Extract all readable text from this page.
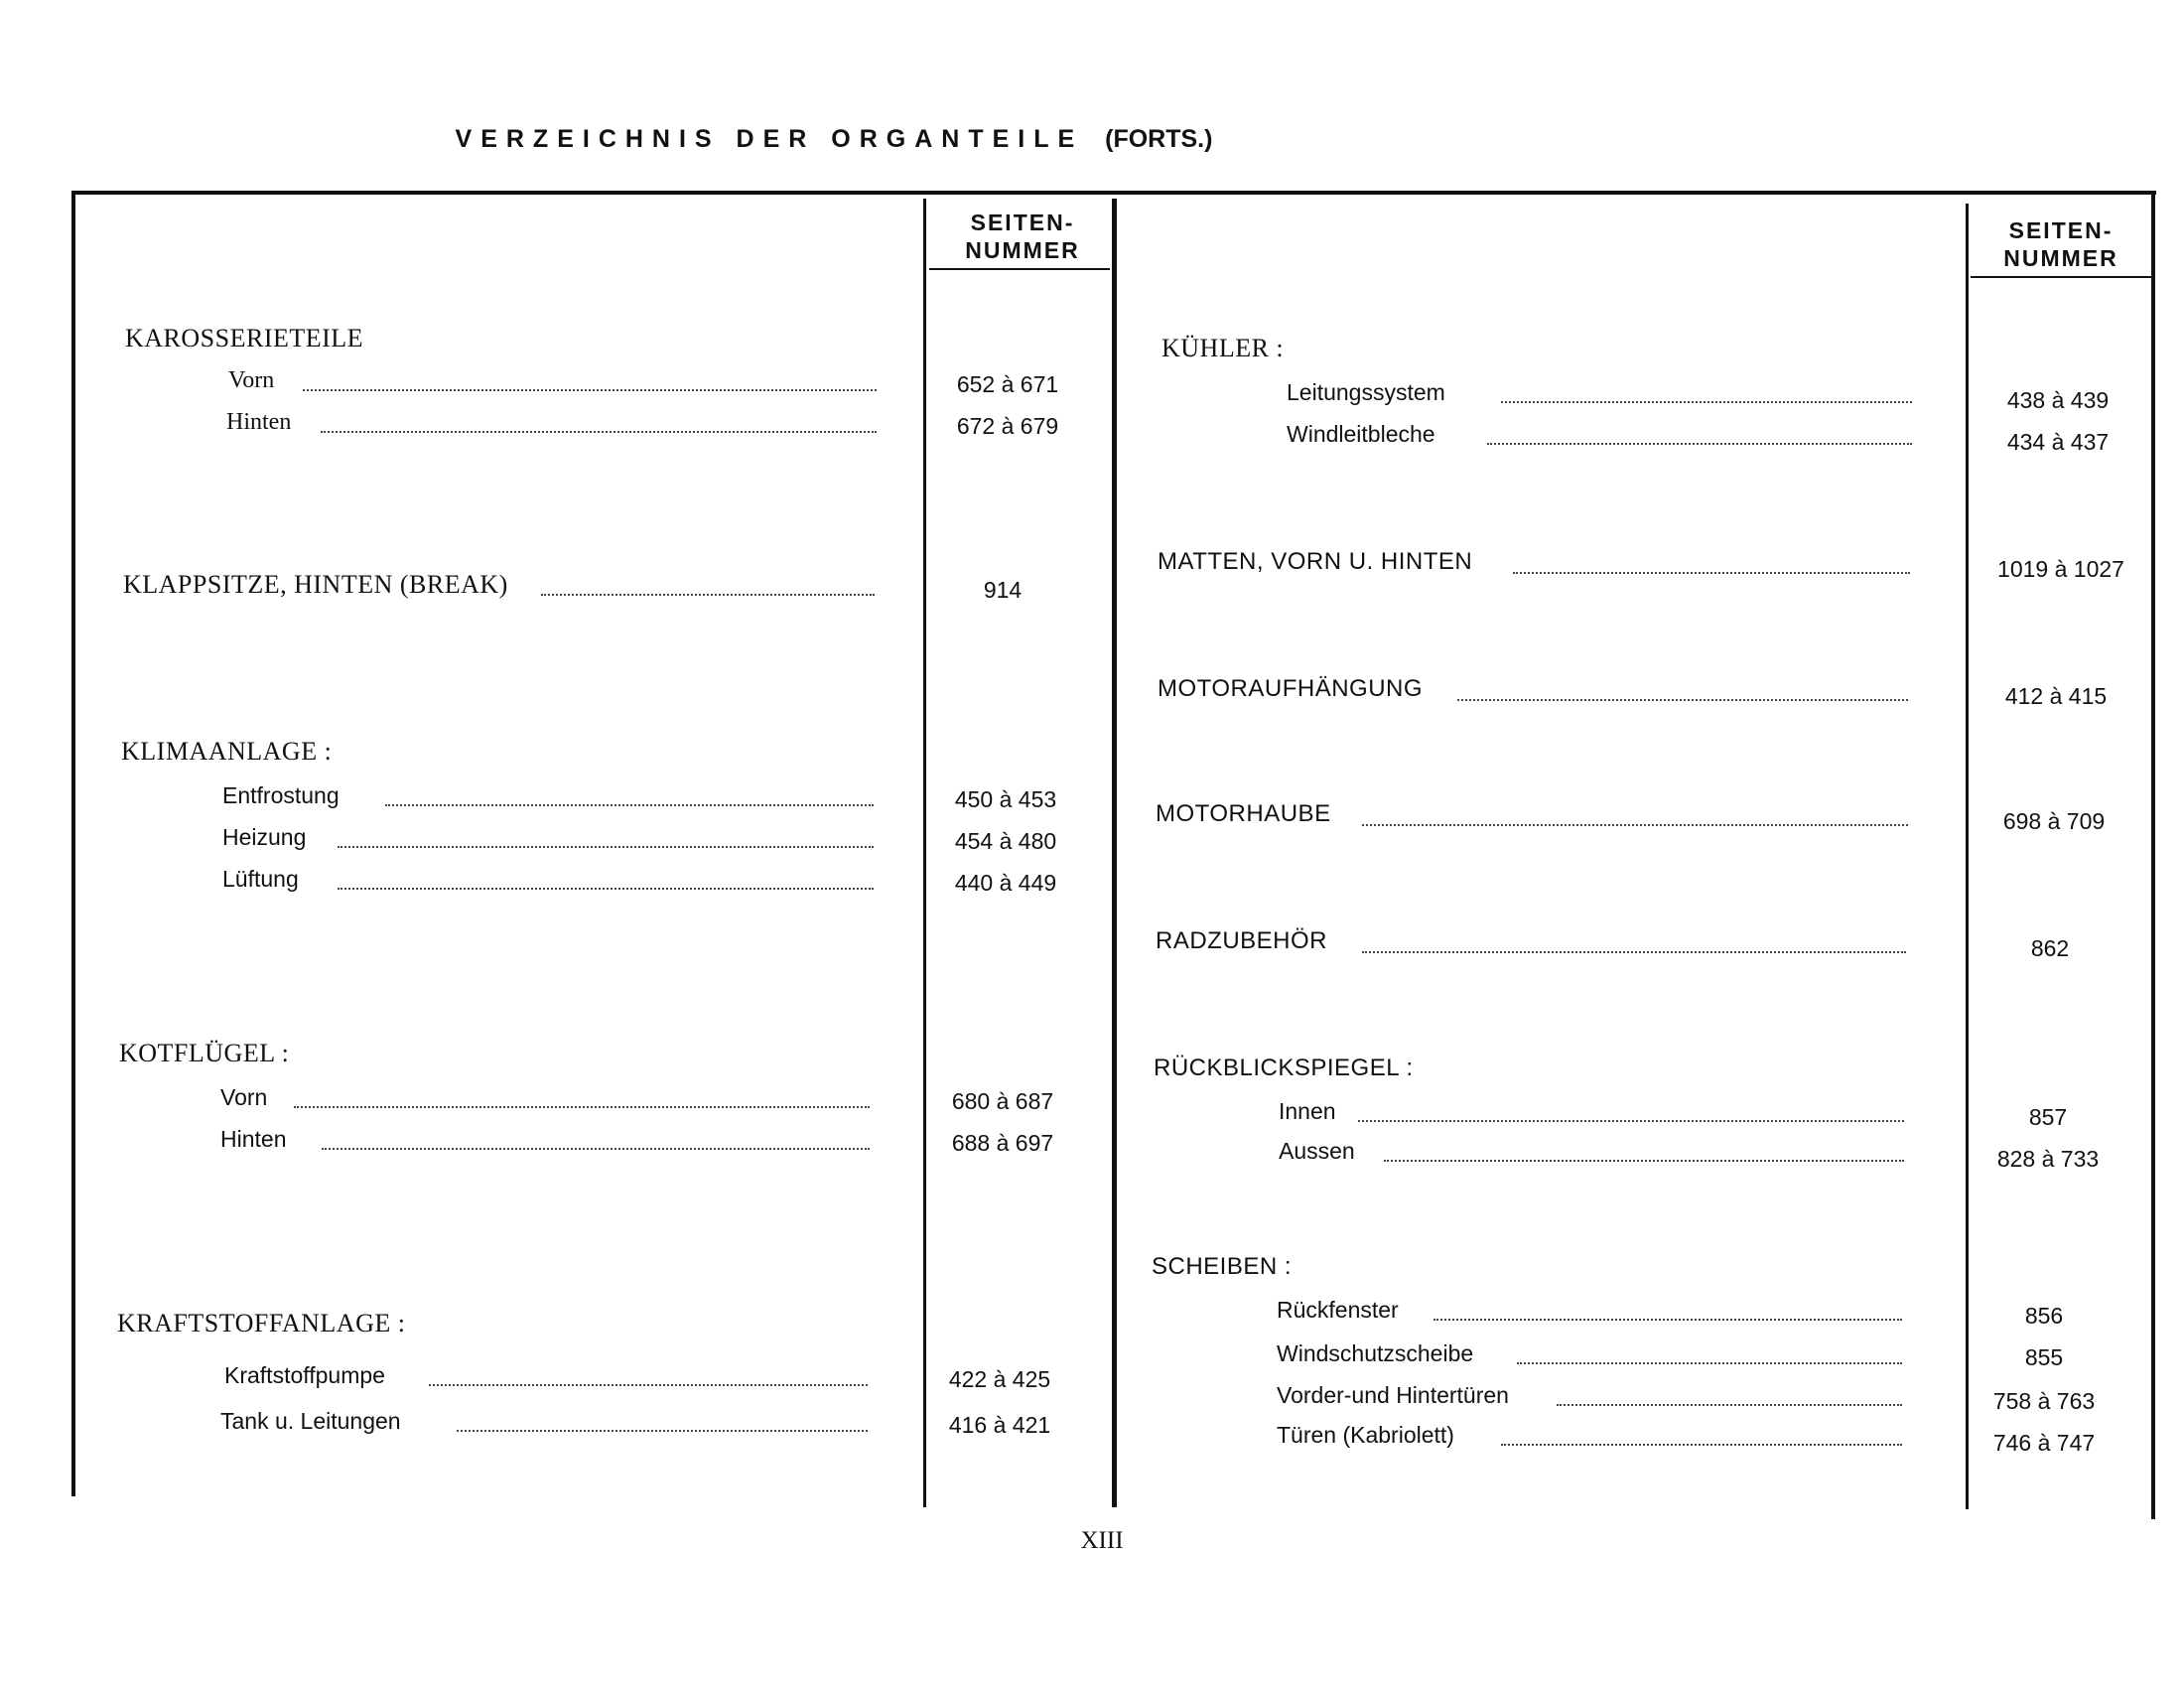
VERZEICHNIS DER ORGANTEILE (FORTS.)
SEITEN-
NUMMER
SEITEN-
NUMMER
KAROSSERIETEILE
Vorn	652 à 671
Hinten	672 à 679
KLAPPSITZE, HINTEN (BREAK)	914
KLIMAANLAGE :
Entfrostung	450 à 453
Heizung	454 à 480
Lüftung	440 à 449
KOTFLÜGEL :
Vorn	680 à 687
Hinten	688 à 697
KRAFTSTOFFANLAGE :
Kraftstoffpumpe	422 à 425
Tank u. Leitungen	416 à 421
KÜHLER :
Leitungssystem	438 à 439
Windleitbleche	434 à 437
MATTEN, VORN U. HINTEN	1019 à 1027
MOTORAUFHÄNGUNG	412 à 415
MOTORHAUBE	698 à 709
RADZUBEHÖR	862
RÜCKBLICKSPIEGEL :
Innen	857
Aussen	828 à 733
SCHEIBEN :
Rückfenster	856
Windschutzscheibe	855
Vorder-und Hintertüren	758 à 763
Türen (Kabriolett)	746 à 747
XIII
